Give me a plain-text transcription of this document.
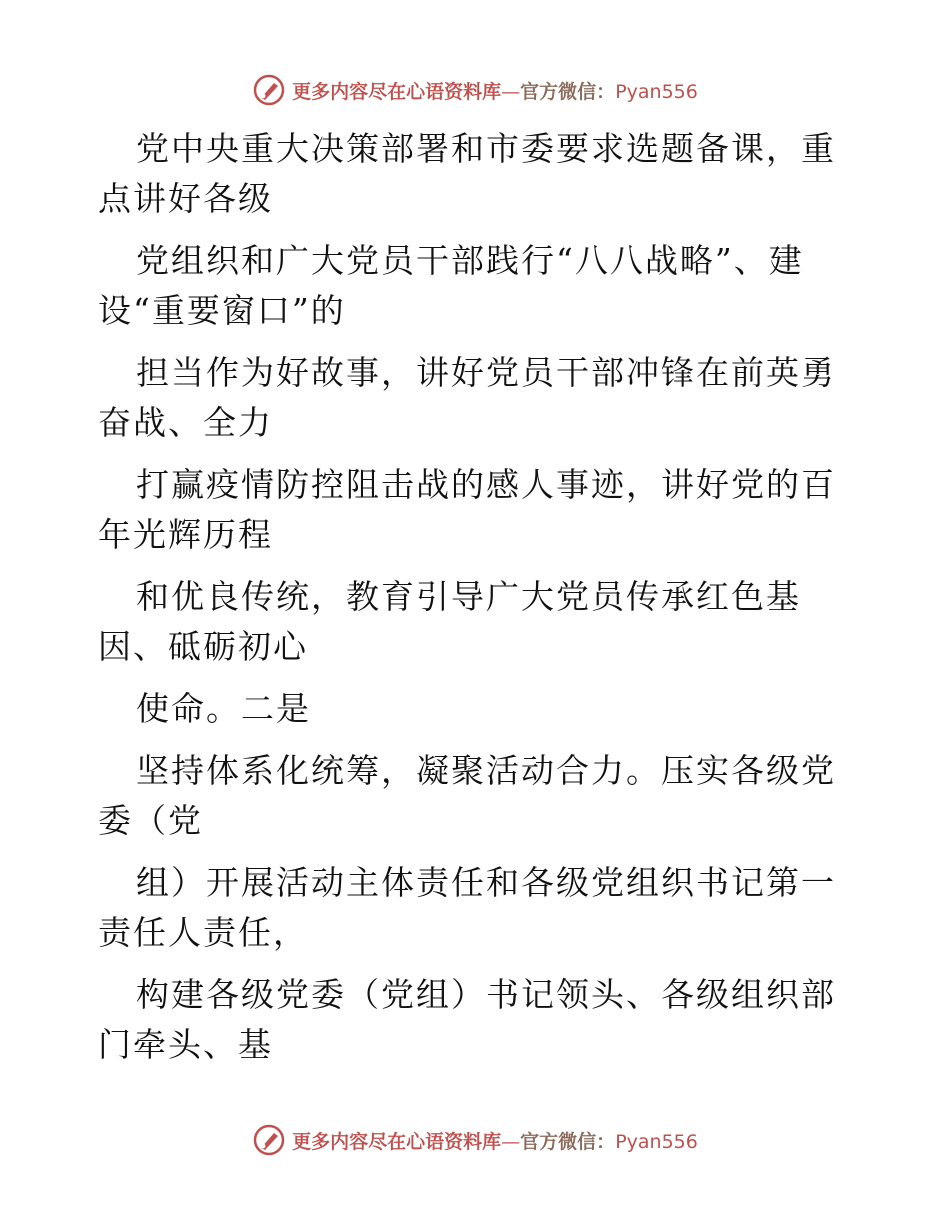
更多内容尽在心语资料库—官方微信：Pyan556

党中央重大决策部署和市委要求选题备课，重点讲好各级

党组织和广大党员干部践行“八八战略”、建设“重要窗口”的

担当作为好故事，讲好党员干部冲锋在前英勇奋战、全力

打赢疫情防控阻击战的感人事迹，讲好党的百年光辉历程

和优良传统，教育引导广大党员传承红色基因、砥砺初心

使命。二是

坚持体系化统筹，凝聚活动合力。压实各级党委（党

组）开展活动主体责任和各级党组织书记第一责任人责任，

构建各级党委（党组）书记领头、各级组织部门牵头、基

更多内容尽在心语资料库—官方微信：Pyan556
